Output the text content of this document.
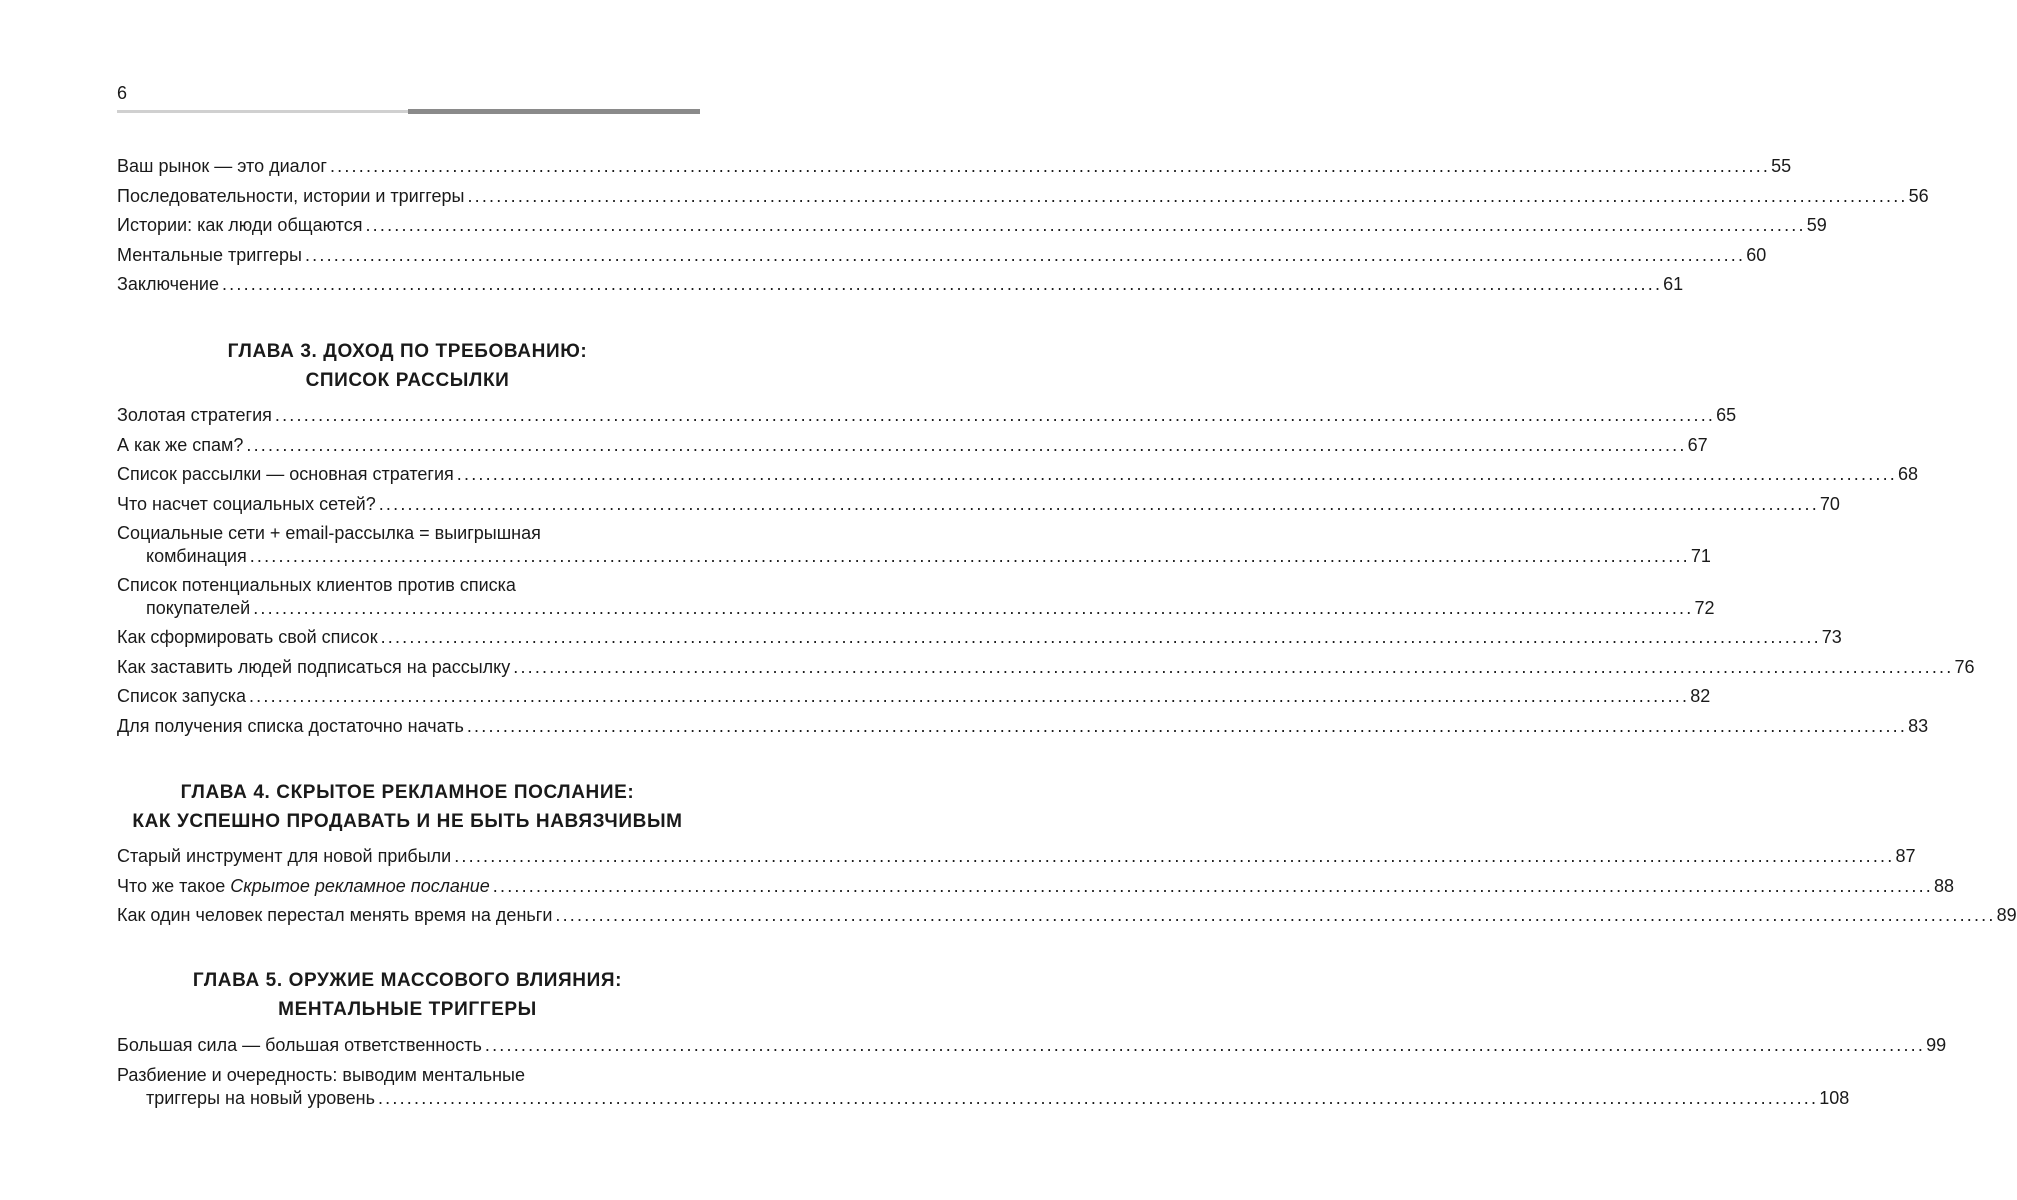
6
Ваш рынок — это диалог ........................................................................................................................................................................................................ 55
Последовательности, истории и триггеры ........................................................................................................................................................................................................ 56
Истории: как люди общаются ........................................................................................................................................................................................................ 59
Ментальные триггеры ........................................................................................................................................................................................................ 60
Заключение ........................................................................................................................................................................................................ 61
ГЛАВА 3. ДОХОД ПО ТРЕБОВАНИЮ:
СПИСОК РАССЫЛКИ
Золотая стратегия ........................................................................................................................................................................................................ 65
А как же спам? ........................................................................................................................................................................................................ 67
Список рассылки — основная стратегия ........................................................................................................................................................................................................ 68
Что насчет социальных сетей? ........................................................................................................................................................................................................ 70
Социальные сети + email-рассылка = выигрышная
комбинация ........................................................................................................................................................................................................ 71
Список потенциальных клиентов против списка
покупателей ........................................................................................................................................................................................................ 72
Как сформировать свой список ........................................................................................................................................................................................................ 73
Как заставить людей подписаться на рассылку ........................................................................................................................................................................................................ 76
Список запуска ........................................................................................................................................................................................................ 82
Для получения списка достаточно начать ........................................................................................................................................................................................................ 83
ГЛАВА 4. СКРЫТОЕ РЕКЛАМНОЕ ПОСЛАНИЕ:
КАК УСПЕШНО ПРОДАВАТЬ И НЕ БЫТЬ НАВЯЗЧИВЫМ
Старый инструмент для новой прибыли ........................................................................................................................................................................................................ 87
Что же такое Скрытое рекламное послание ........................................................................................................................................................................................................ 88
Как один человек перестал менять время на деньги ........................................................................................................................................................................................................ 89
ГЛАВА 5. ОРУЖИЕ МАССОВОГО ВЛИЯНИЯ:
МЕНТАЛЬНЫЕ ТРИГГЕРЫ
Большая сила — большая ответственность ........................................................................................................................................................................................................ 99
Разбиение и очередность: выводим ментальные
триггеры на новый уровень ........................................................................................................................................................................................................ 108
